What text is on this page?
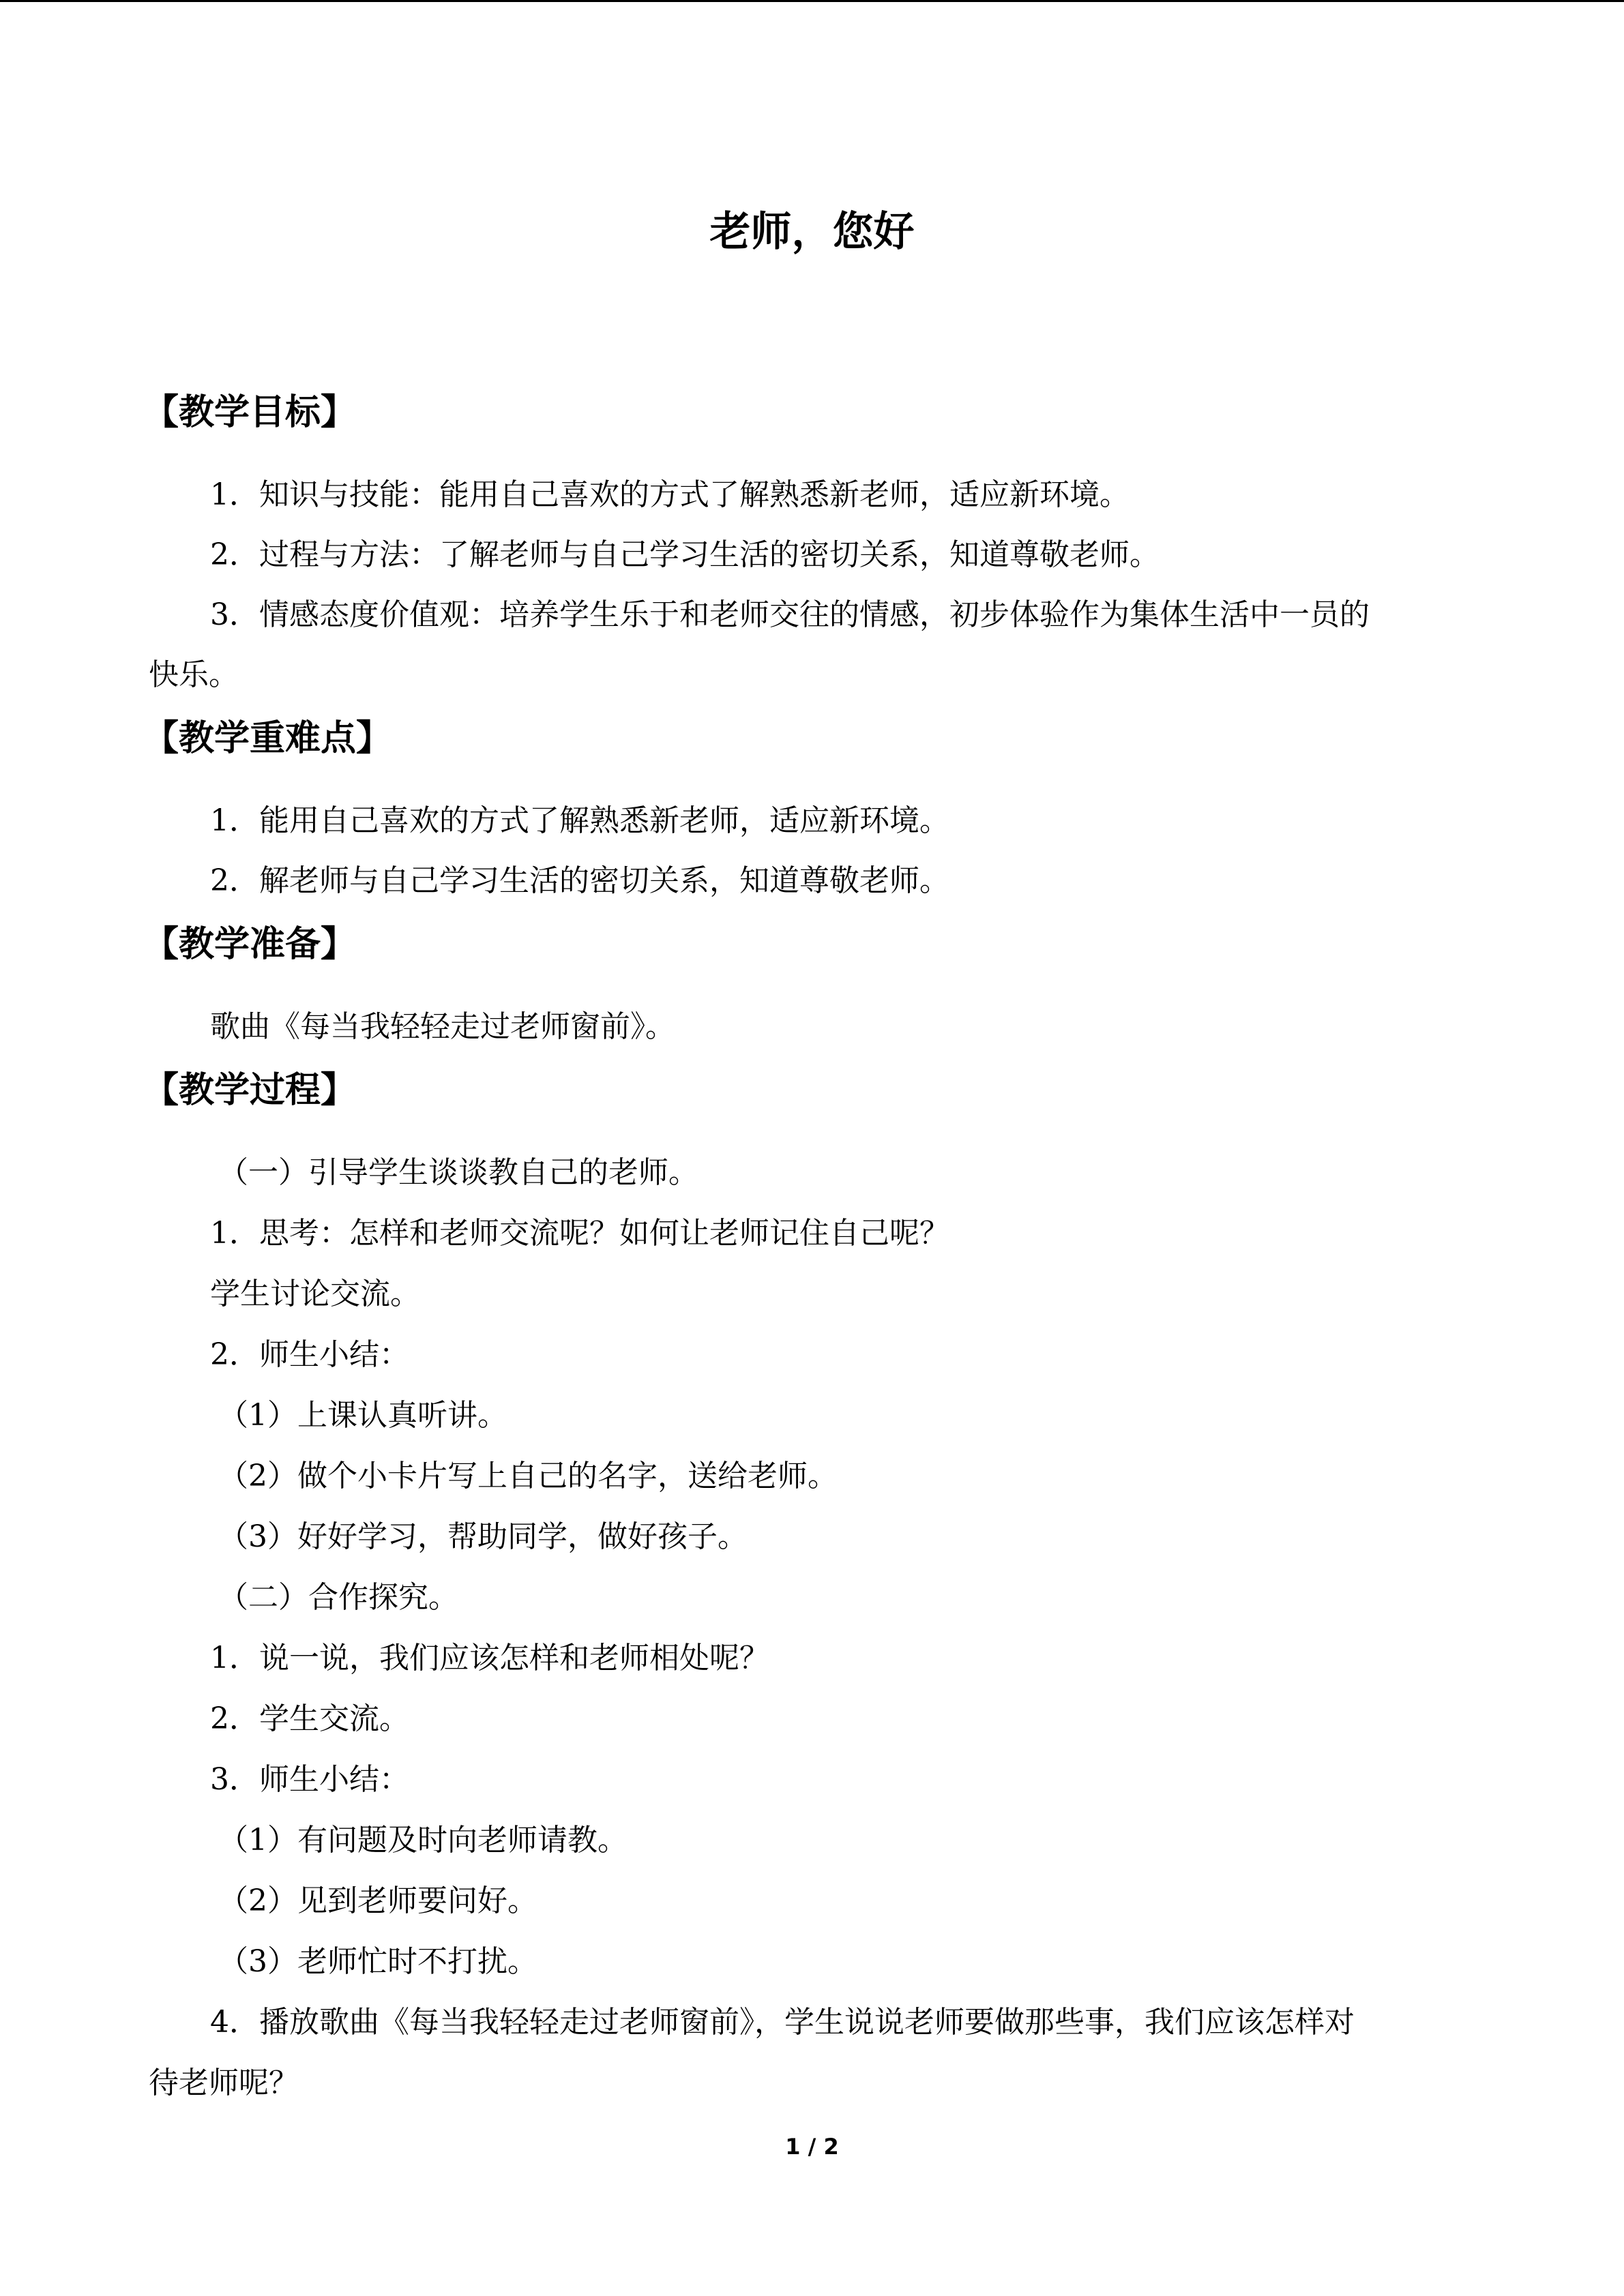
老师，您好
【教学目标】

1．知识与技能：能用自己喜欢的方式了解熟悉新老师，适应新环境。

2．过程与方法：了解老师与自己学习生活的密切关系，知道尊敬老师。

3．情感态度价值观：培养学生乐于和老师交往的情感，初步体验作为集体生活中一员的

快乐。

【教学重难点】

1．能用自己喜欢的方式了解熟悉新老师，适应新环境。

2．解老师与自己学习生活的密切关系，知道尊敬老师。

【教学准备】

歌曲《每当我轻轻走过老师窗前》。

【教学过程】

（一）引导学生谈谈教自己的老师。

1．思考：怎样和老师交流呢？如何让老师记住自己呢？

学生讨论交流。

2．师生小结：

（1）上课认真听讲。

（2）做个小卡片写上自己的名字，送给老师。

（3）好好学习，帮助同学，做好孩子。

（二）合作探究。

1．说一说，我们应该怎样和老师相处呢？

2．学生交流。

3．师生小结：

（1）有问题及时向老师请教。

（2）见到老师要问好。

（3）老师忙时不打扰。

4．播放歌曲《每当我轻轻走过老师窗前》，学生说说老师要做那些事，我们应该怎样对

待老师呢？

1 / 2
